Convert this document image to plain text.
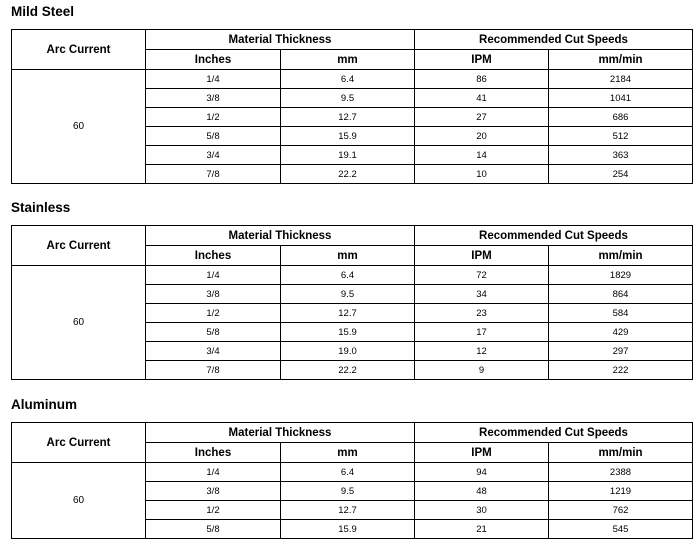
Mild Steel
Arc Current	Material Thickness		Recommended Cut Speeds	
	Inches	mm	IPM	mm/min
60	1/4	6.4	86	2184
	3/8	9.5	41	1041
	1/2	12.7	27	686
	5/8	15.9	20	512
	3/4	19.1	14	363
	7/8	22.2	10	254
Stainless
Arc Current	Material Thickness		Recommended Cut Speeds	
	Inches	mm	IPM	mm/min
60	1/4	6.4	72	1829
	3/8	9.5	34	864
	1/2	12.7	23	584
	5/8	15.9	17	429
	3/4	19.0	12	297
	7/8	22.2	9	222
Aluminum
Arc Current	Material Thickness		Recommended Cut Speeds	
	Inches	mm	IPM	mm/min
60	1/4	6.4	94	2388
	3/8	9.5	48	1219
	1/2	12.7	30	762
	5/8	15.9	21	545
